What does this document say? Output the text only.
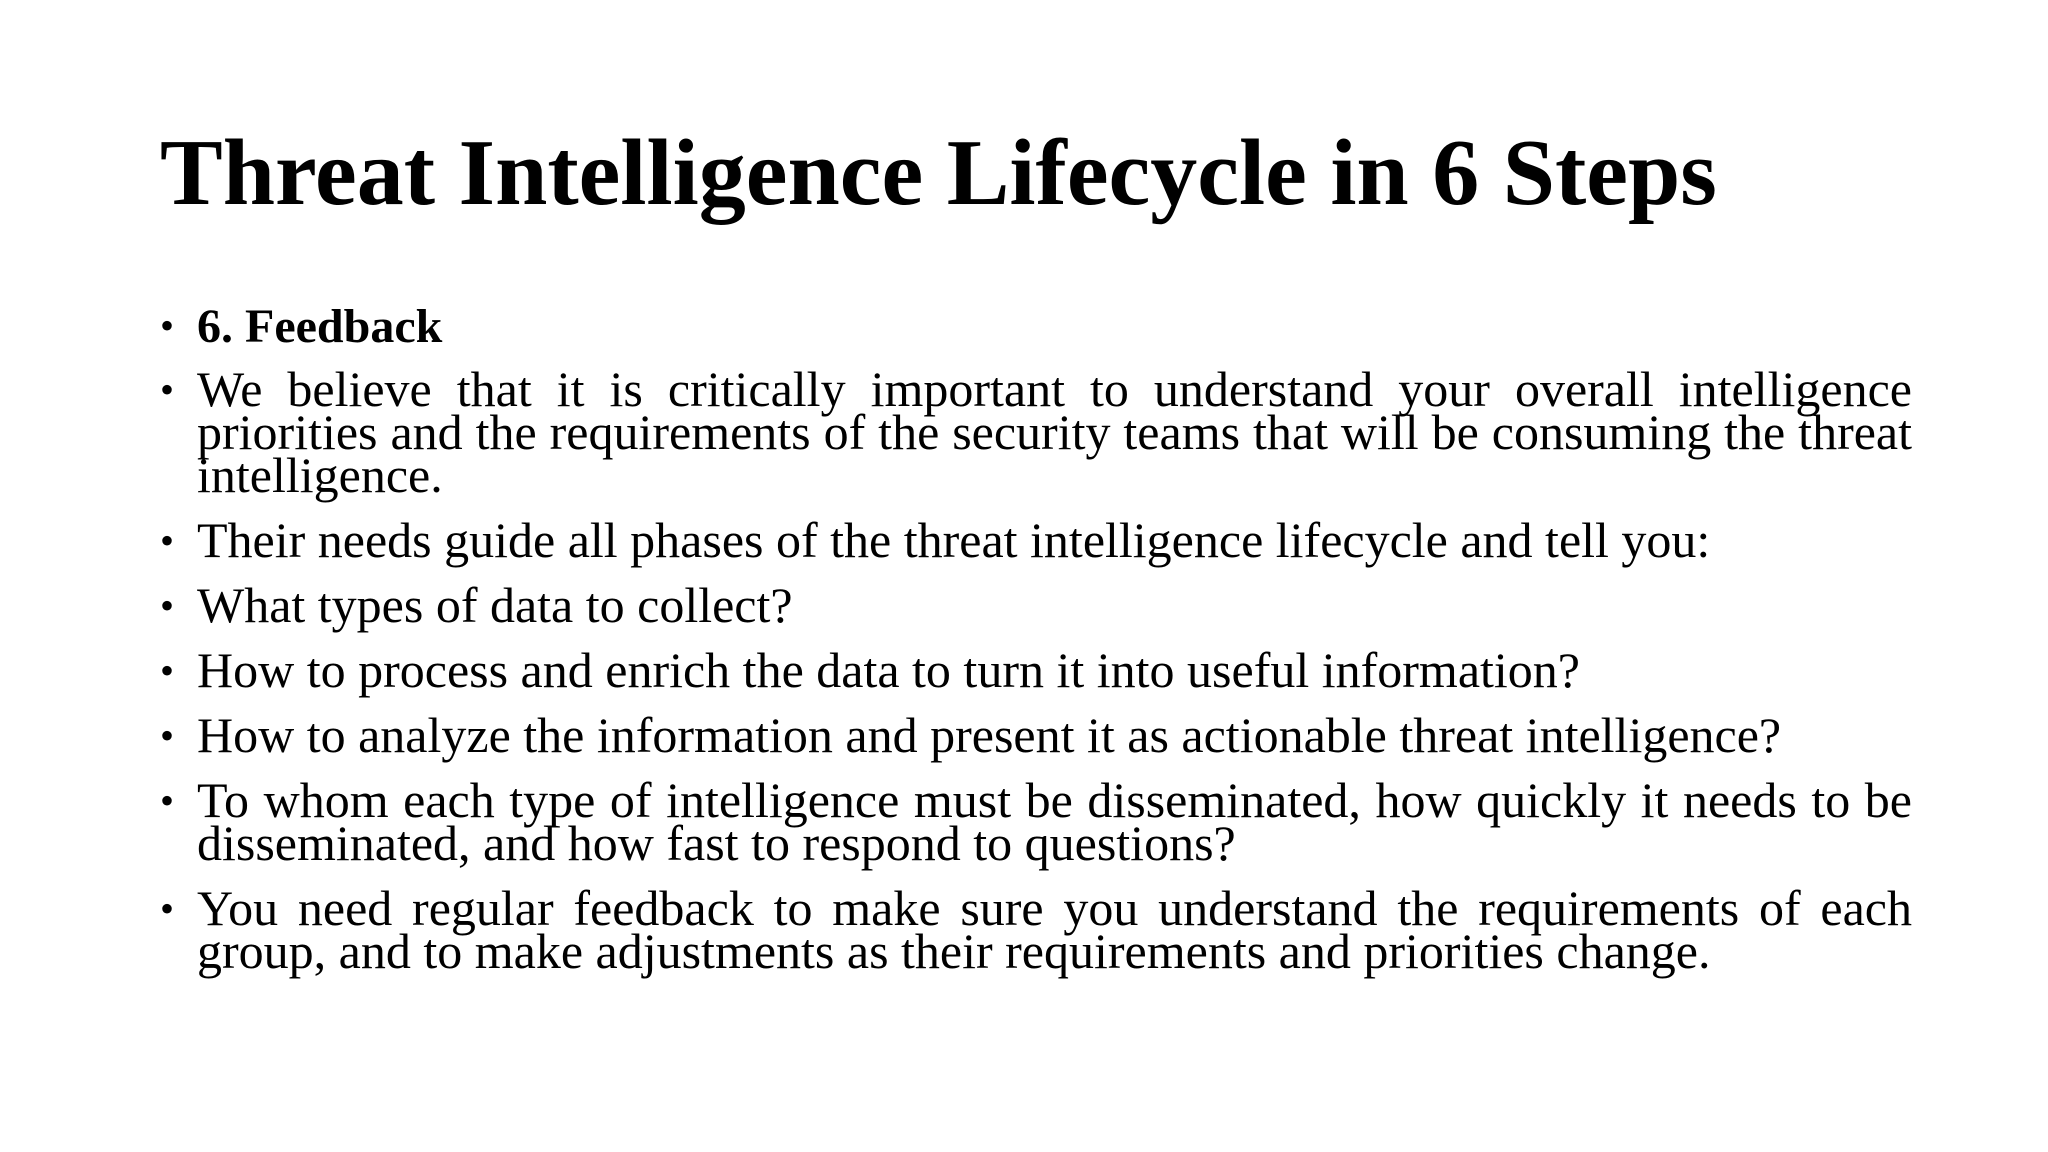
Threat Intelligence Lifecycle in 6 Steps
• 6. Feedback
• We believe that it is critically important to understand your overall intelligence priorities and the requirements of the security teams that will be consuming the threat intelligence.
• Their needs guide all phases of the threat intelligence lifecycle and tell you:
• What types of data to collect?
• How to process and enrich the data to turn it into useful information?
• How to analyze the information and present it as actionable threat intelligence?
• To whom each type of intelligence must be disseminated, how quickly it needs to be disseminated, and how fast to respond to questions?
• You need regular feedback to make sure you understand the requirements of each group, and to make adjustments as their requirements and priorities change.
